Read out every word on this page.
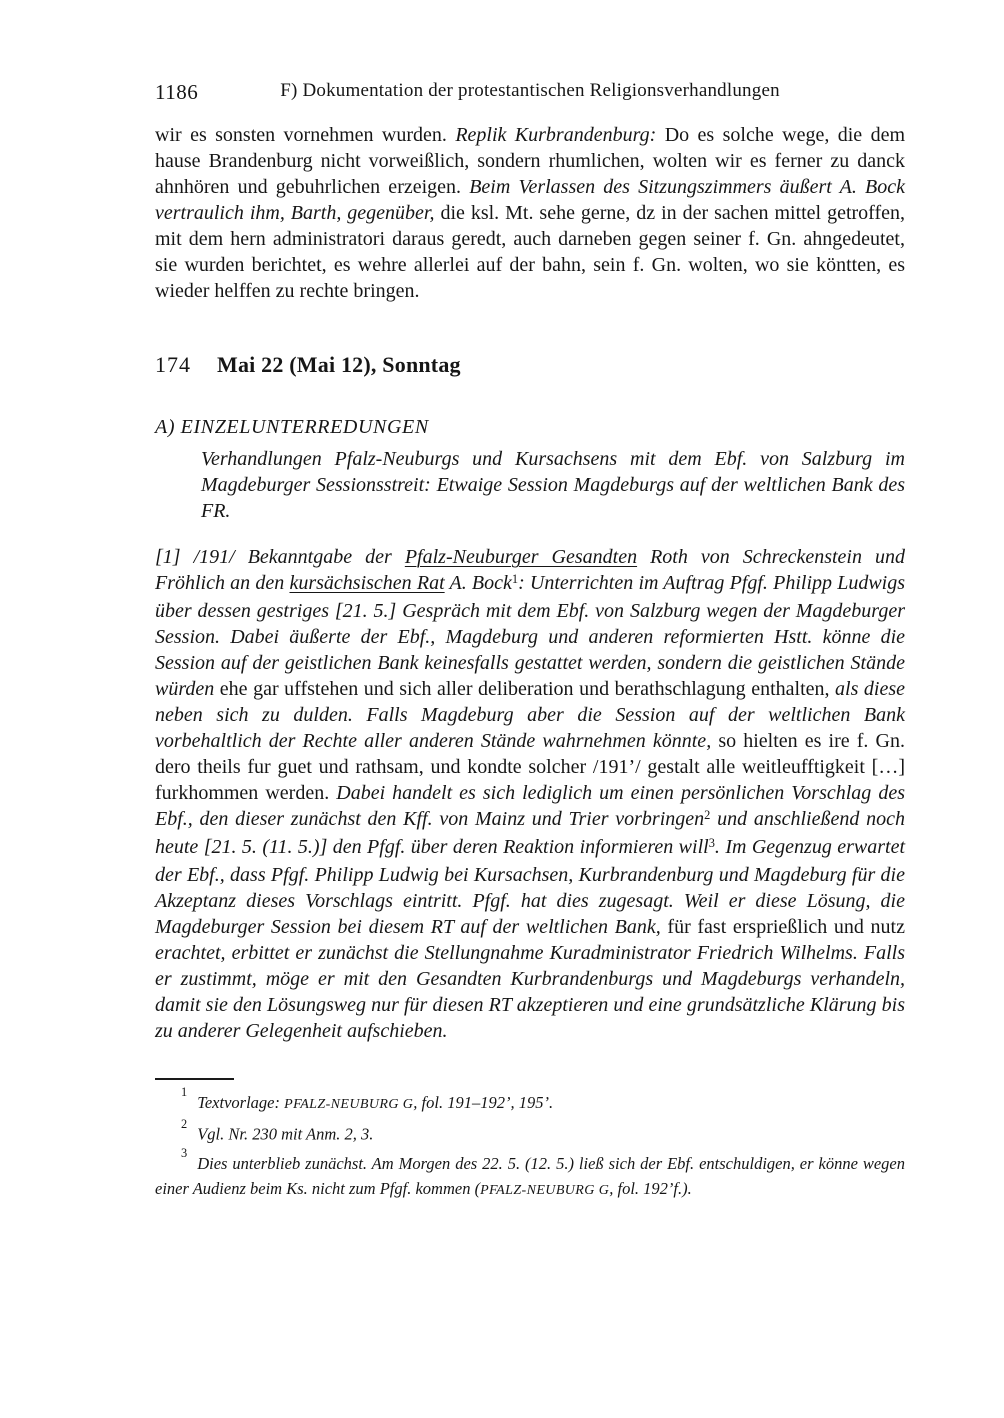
1186	F) Dokumentation der protestantischen Religionsverhandlungen

wir es sonsten vornehmen wurden. Replik Kurbrandenburg: Do es solche wege, die dem hause Brandenburg nicht vorweißlich, sondern rhumlichen, wolten wir es ferner zu danck ahnhören und gebuhrlichen erzeigen. Beim Verlassen des Sitzungszimmers äußert A. Bock vertraulich ihm, Barth, gegenüber, die ksl. Mt. sehe gerne, dz in der sachen mittel getroffen, mit dem hern administratori daraus geredt, auch darneben gegen seiner f. Gn. ahngedeutet, sie wurden berichtet, es wehre allerlei auf der bahn, sein f. Gn. wolten, wo sie köntten, es wieder helffen zu rechte bringen.

174 Mai 22 (Mai 12), Sonntag
A) EINZELUNTERREDUNGEN

Verhandlungen Pfalz-Neuburgs und Kursachsens mit dem Ebf. von Salzburg im Magdeburger Sessionsstreit: Etwaige Session Magdeburgs auf der weltlichen Bank des FR.

[1] /191/ Bekanntgabe der Pfalz-Neuburger Gesandten Roth von Schreckenstein und Fröhlich an den kursächsischen Rat A. Bock$^1$: Unterrichten im Auftrag Pfgf. Philipp Ludwigs über dessen gestriges [21. 5.] Gespräch mit dem Ebf. von Salzburg wegen der Magdeburger Session. Dabei äußerte der Ebf., Magdeburg und anderen reformierten Hstt. könne die Session auf der geistlichen Bank keinesfalls gestattet werden, sondern die geistlichen Stände würden ehe gar uffstehen und sich aller deliberation und berathschlagung enthalten, als diese neben sich zu dulden. Falls Magdeburg aber die Session auf der weltlichen Bank vorbehaltlich der Rechte aller anderen Stände wahrnehmen könnte, so hielten es ire f. Gn. dero theils fur guet und rathsam, und kondte solcher /191’/ gestalt alle weitleufftigkeit […] furkhommen werden. Dabei handelt es sich lediglich um einen persönlichen Vorschlag des Ebf., den dieser zunächst den Kff. von Mainz und Trier vorbringen$^2$ und anschließend noch heute [21. 5. (11. 5.)] den Pfgf. über deren Reaktion informieren will$^3$. Im Gegenzug erwartet der Ebf., dass Pfgf. Philipp Ludwig bei Kursachsen, Kurbrandenburg und Magdeburg für die Akzeptanz dieses Vorschlags eintritt. Pfgf. hat dies zugesagt. Weil er diese Lösung, die Magdeburger Session bei diesem RT auf der weltlichen Bank, für fast ersprießlich und nutz erachtet, erbittet er zunächst die Stellungnahme Kuradministrator Friedrich Wilhelms. Falls er zustimmt, möge er mit den Gesandten Kurbrandenburgs und Magdeburgs verhandeln, damit sie den Lösungsweg nur für diesen RT akzeptieren und eine grundsätzliche Klärung bis zu anderer Gelegenheit aufschieben.

$^1$Textvorlage: PFALZ-NEUBURG G, fol. 191–192’, 195’.

$^2$Vgl. Nr. 230 mit Anm. 2, 3.

$^3$Dies unterblieb zunächst. Am Morgen des 22. 5. (12. 5.) ließ sich der Ebf. entschuldigen, er könne wegen einer Audienz beim Ks. nicht zum Pfgf. kommen (PFALZ-NEUBURG G, fol. 192’f.).
